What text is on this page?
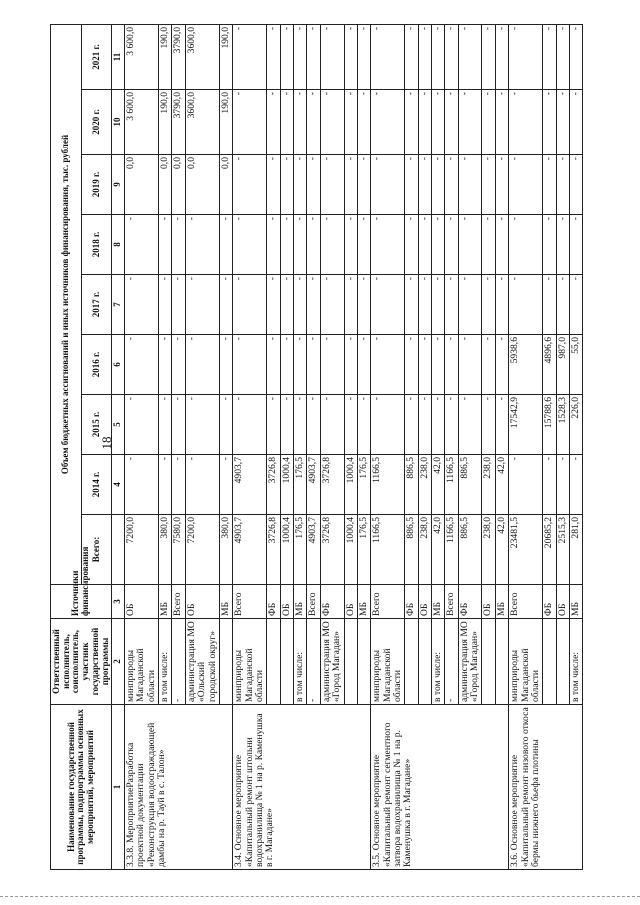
18
Наименование государственной программы, подпрограммы основных мероприятий, мероприятий	Ответственный исполнитель, соисполнитель, участник государственной программы	Источники финансирования	Объем бюджетных ассигнований и иных источников финансирования, тыс. рублей								
			Всего:	2014 г.	2015 г.	2016 г.	2017 г.	2018 г.	2019 г.	2020 г.	2021 г.
1	2	3		4	5	6	7	8	9	10	11
3.3.8. МероприятиеРазработка проектной документации «Реконструкция водоограждающей дамбы на р. Тауй в с. Талон»	минприроды Магаданской области	ОБ	7200,0	-	-	-	-	-	0,0	3 600,0	3 600,0
	в том числе:	МБ	380,0	-	-	-	-	-	0,0	190,0	190,0
	-	Всего	7580,0	-	-	-	-	-	0,0	3790,0	3790,0
	администрация МО «Ольский городской округ»	ОБ	7200,0	-	-	-	-	-	0,0	3600,0	3600,0
		МБ	380,0	-	-	-	-	-	0,0	190,0	190,0
3.4. Основное мероприятие «Капитальный ремонт штольни водохранилища № 1 на р. Каменушка в г. Магадане»	минприроды Магаданской области	Всего	4903,7	4903,7	-	-	-	-	-	-	-
		ФБ	3726,8	3726,8	-	-	-	-	-	-	-
		ОБ	1000,4	1000,4	-	-	-	-	-	-	-
	в том числе:	МБ	176,5	176,5	-	-	-	-	-	-	-
	-	Всего	4903,7	4903,7	-	-	-	-	-	-	-
	администрация МО «Город Магадан»	ФБ	3726,8	3726,8	-	-	-	-	-	-	-
		ОБ	1000,4	1000,4	-	-	-	-	-	-	-
		МБ	176,5	176,5	-	-	-	-	-	-	-
3.5. Основное мероприятие «Капитальный ремонт сегментного затвора водохранилища № 1 на р. Каменушка в г. Магадане»	минприроды Магаданской области	Всего	1166,5	1166,5	-	-	-	-	-	-	-
		ФБ	886,5	886,5	-	-	-	-	-	-	-
		ОБ	238,0	238,0	-	-	-	-	-	-	-
	в том числе:	МБ	42,0	42,0	-	-	-	-	-	-	-
	-	Всего	1166,5	1166,5	-	-	-	-	-	-	-
	администрация МО «Город Магадан»	ФБ	886,5	886,5	-	-	-	-	-	-	-
		ОБ	238,0	238,0	-	-	-	-	-	-	-
		МБ	42,0	42,0	-	-	-	-	-	-	-
3.6. Основное мероприятие «Капитальный ремонт низового откоса бермы нижнего бьефа плотины	минприроды Магаданской области	Всего	23481,5	-	17542,9	5938,6	-	-	-	-	-
		ФБ	20685,2	-	15788,6	4896,6	-	-	-	-	-
		ОБ	2515,3	-	1528,3	987,0	-	-	-	-	-
	в том числе:	МБ	281,0	-	226,0	55,0	-	-	-	-	-
